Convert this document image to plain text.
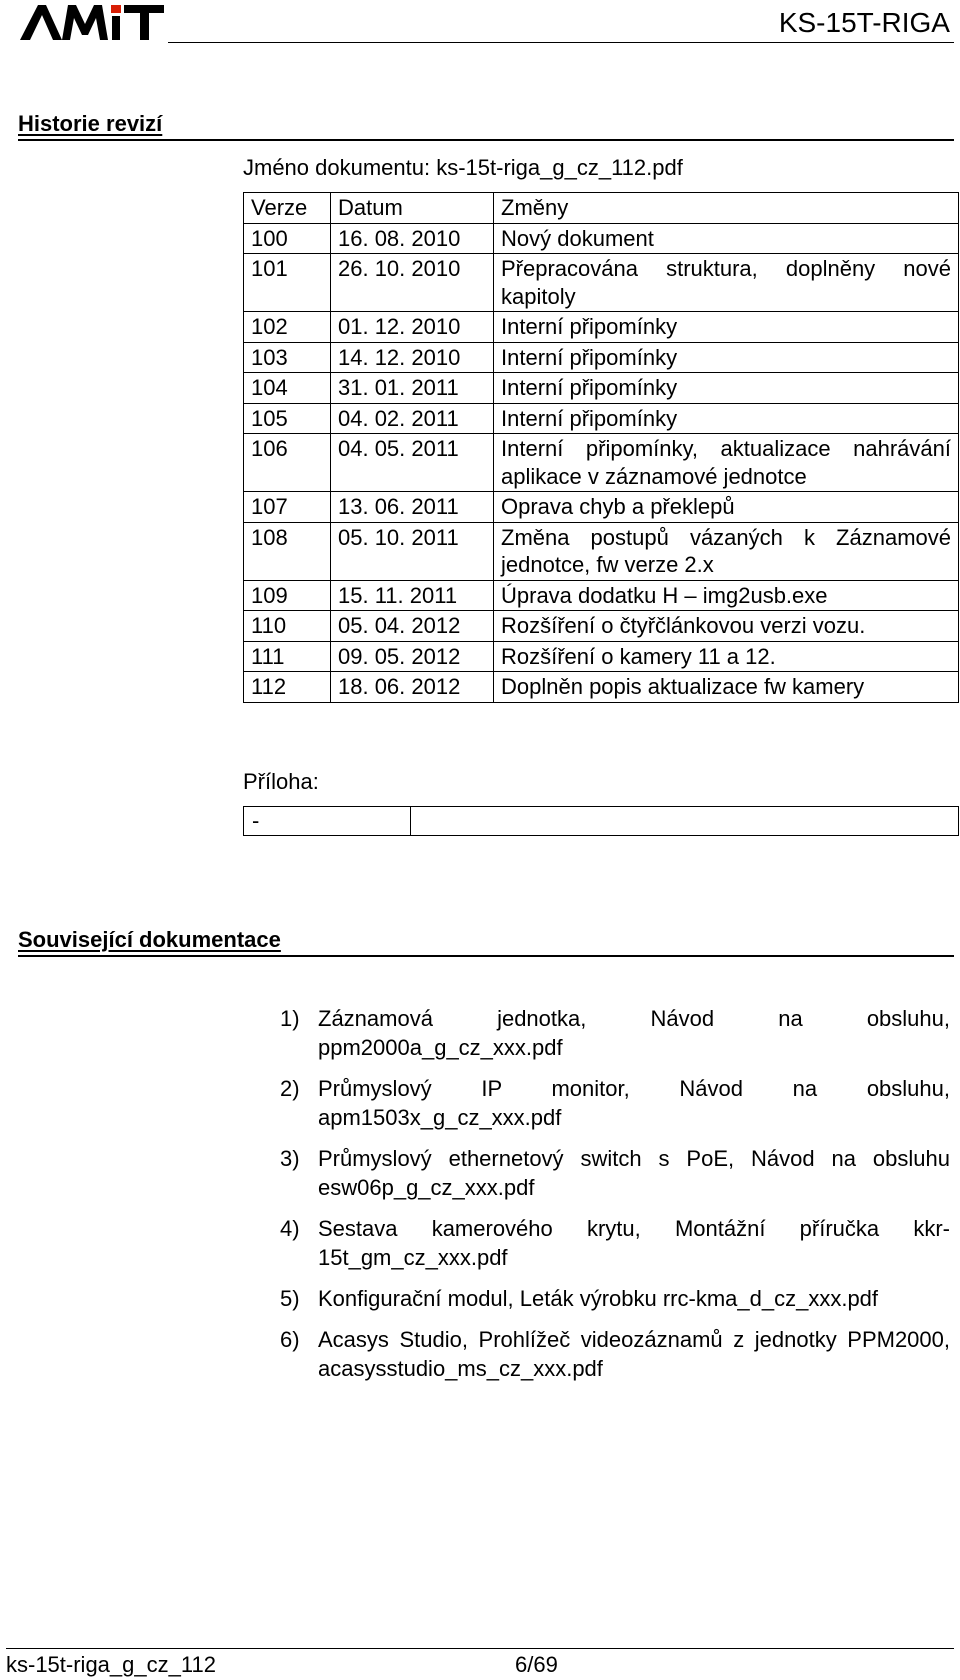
KS-15T-RIGA
Historie revizí
Jméno dokumentu: ks-15t-riga_g_cz_112.pdf
Verze	Datum	Změny
100	16. 08. 2010	Nový dokument
101	26. 10. 2010	Přepracována struktura, doplněny nové kapitoly
102	01. 12. 2010	Interní připomínky
103	14. 12. 2010	Interní připomínky
104	31. 01. 2011	Interní připomínky
105	04. 02. 2011	Interní připomínky
106	04. 05. 2011	Interní připomínky, aktualizace nahrávání aplikace v záznamové jednotce
107	13. 06. 2011	Oprava chyb a překlepů
108	05. 10. 2011	Změna postupů vázaných k Záznamové jednotce, fw verze 2.x
109	15. 11. 2011	Úprava dodatku H – img2usb.exe
110	05. 04. 2012	Rozšíření o čtyřčlánkovou verzi vozu.
111	09. 05. 2012	Rozšíření o kamery 11 a 12.
112	18. 06. 2012	Doplněn popis aktualizace fw kamery
Příloha:
-	
Související dokumentace
1) Záznamová jednotka, Návod na obsluhu, ppm2000a_g_cz_xxx.pdf
2) Průmyslový IP monitor, Návod na obsluhu, apm1503x_g_cz_xxx.pdf
3) Průmyslový ethernetový switch s PoE, Návod na obsluhu esw06p_g_cz_xxx.pdf
4) Sestava kamerového krytu, Montážní příručka kkr-15t_gm_cz_xxx.pdf
5) Konfigurační modul, Leták výrobku rrc-kma_d_cz_xxx.pdf
6) Acasys Studio, Prohlížeč videozáznamů z jednotky PPM2000, acasysstudio_ms_cz_xxx.pdf
ks-15t-riga_g_cz_112	6/69
